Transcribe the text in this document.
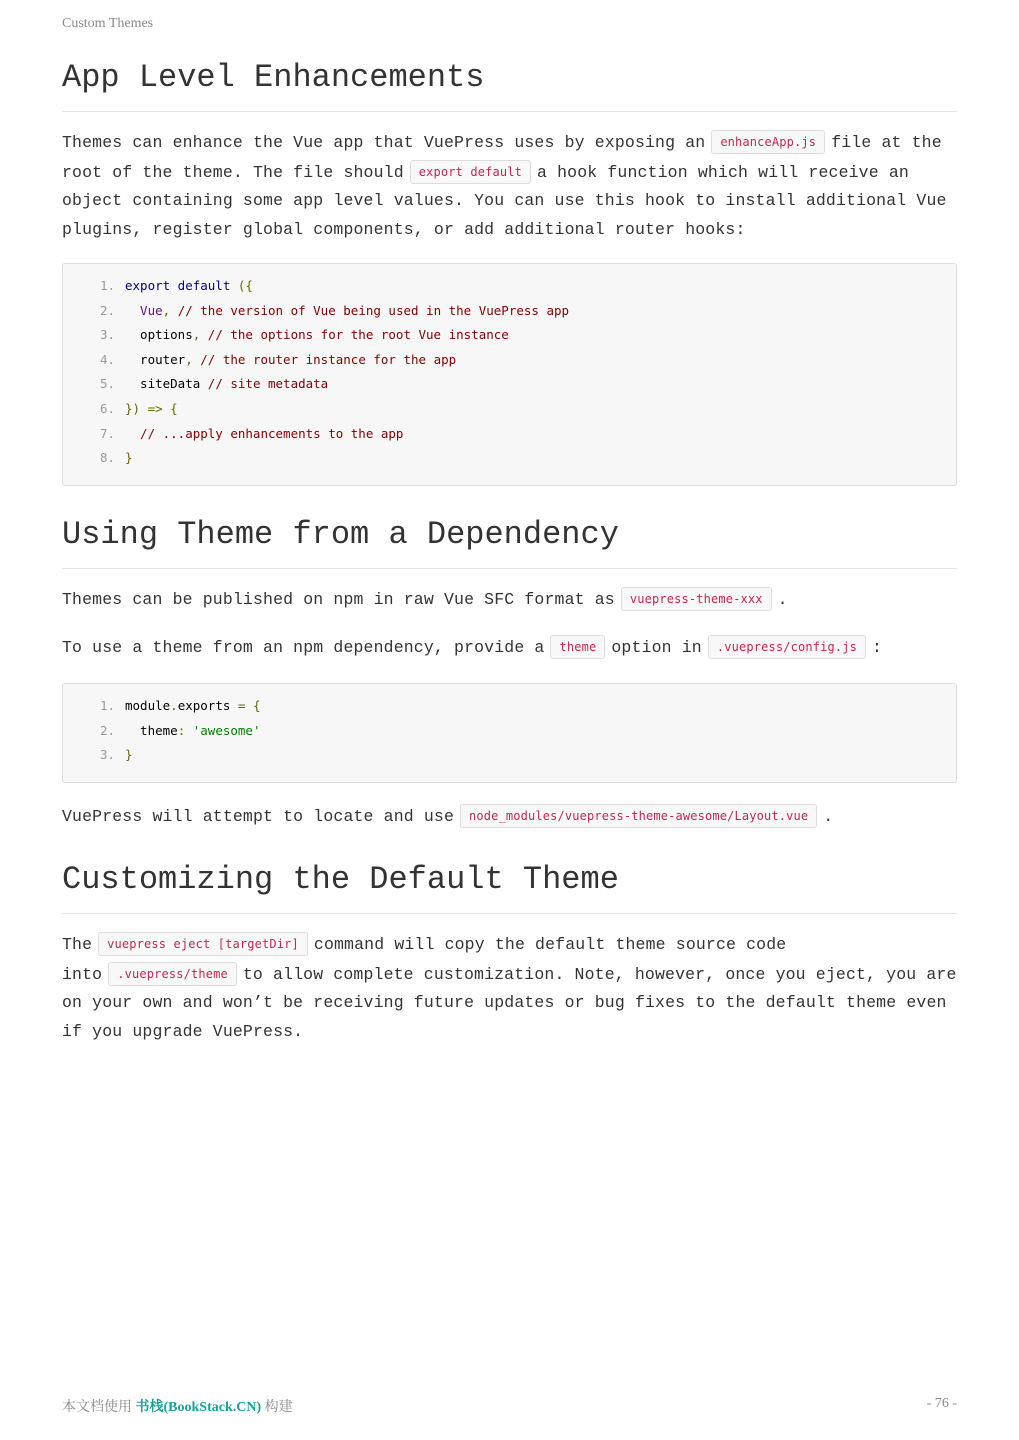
Custom Themes
App Level Enhancements

Themes can enhance the Vue app that VuePress uses by exposing an enhanceApp.js file at the root of the theme. The file should export default a hook function which will receive an object containing some app level values. You can use this hook to install additional Vue plugins, register global components, or add additional router hooks:

1. export default ({
2.  Vue, // the version of Vue being used in the VuePress app
3.  options, // the options for the root Vue instance
4.  router, // the router instance for the app
5.  siteData // site metadata
6. }) => {
7.  // ...apply enhancements to the app
8. }
Using Theme from a Dependency

Themes can be published on npm in raw Vue SFC format as vuepress-theme-xxx .

To use a theme from an npm dependency, provide a theme option in .vuepress/config.js :

1. module.exports = {
2.  theme: 'awesome'
3. }

VuePress will attempt to locate and use node_modules/vuepress-theme-awesome/Layout.vue .

Customizing the Default Theme

The vuepress eject [targetDir] command will copy the default theme source code into .vuepress/theme to allow complete customization. Note, however, once you eject, you are on your own and won’t be receiving future updates or bug fixes to the default theme even if you upgrade VuePress.

本文档使用 书栈(BookStack.CN) 构建	- 76 -
